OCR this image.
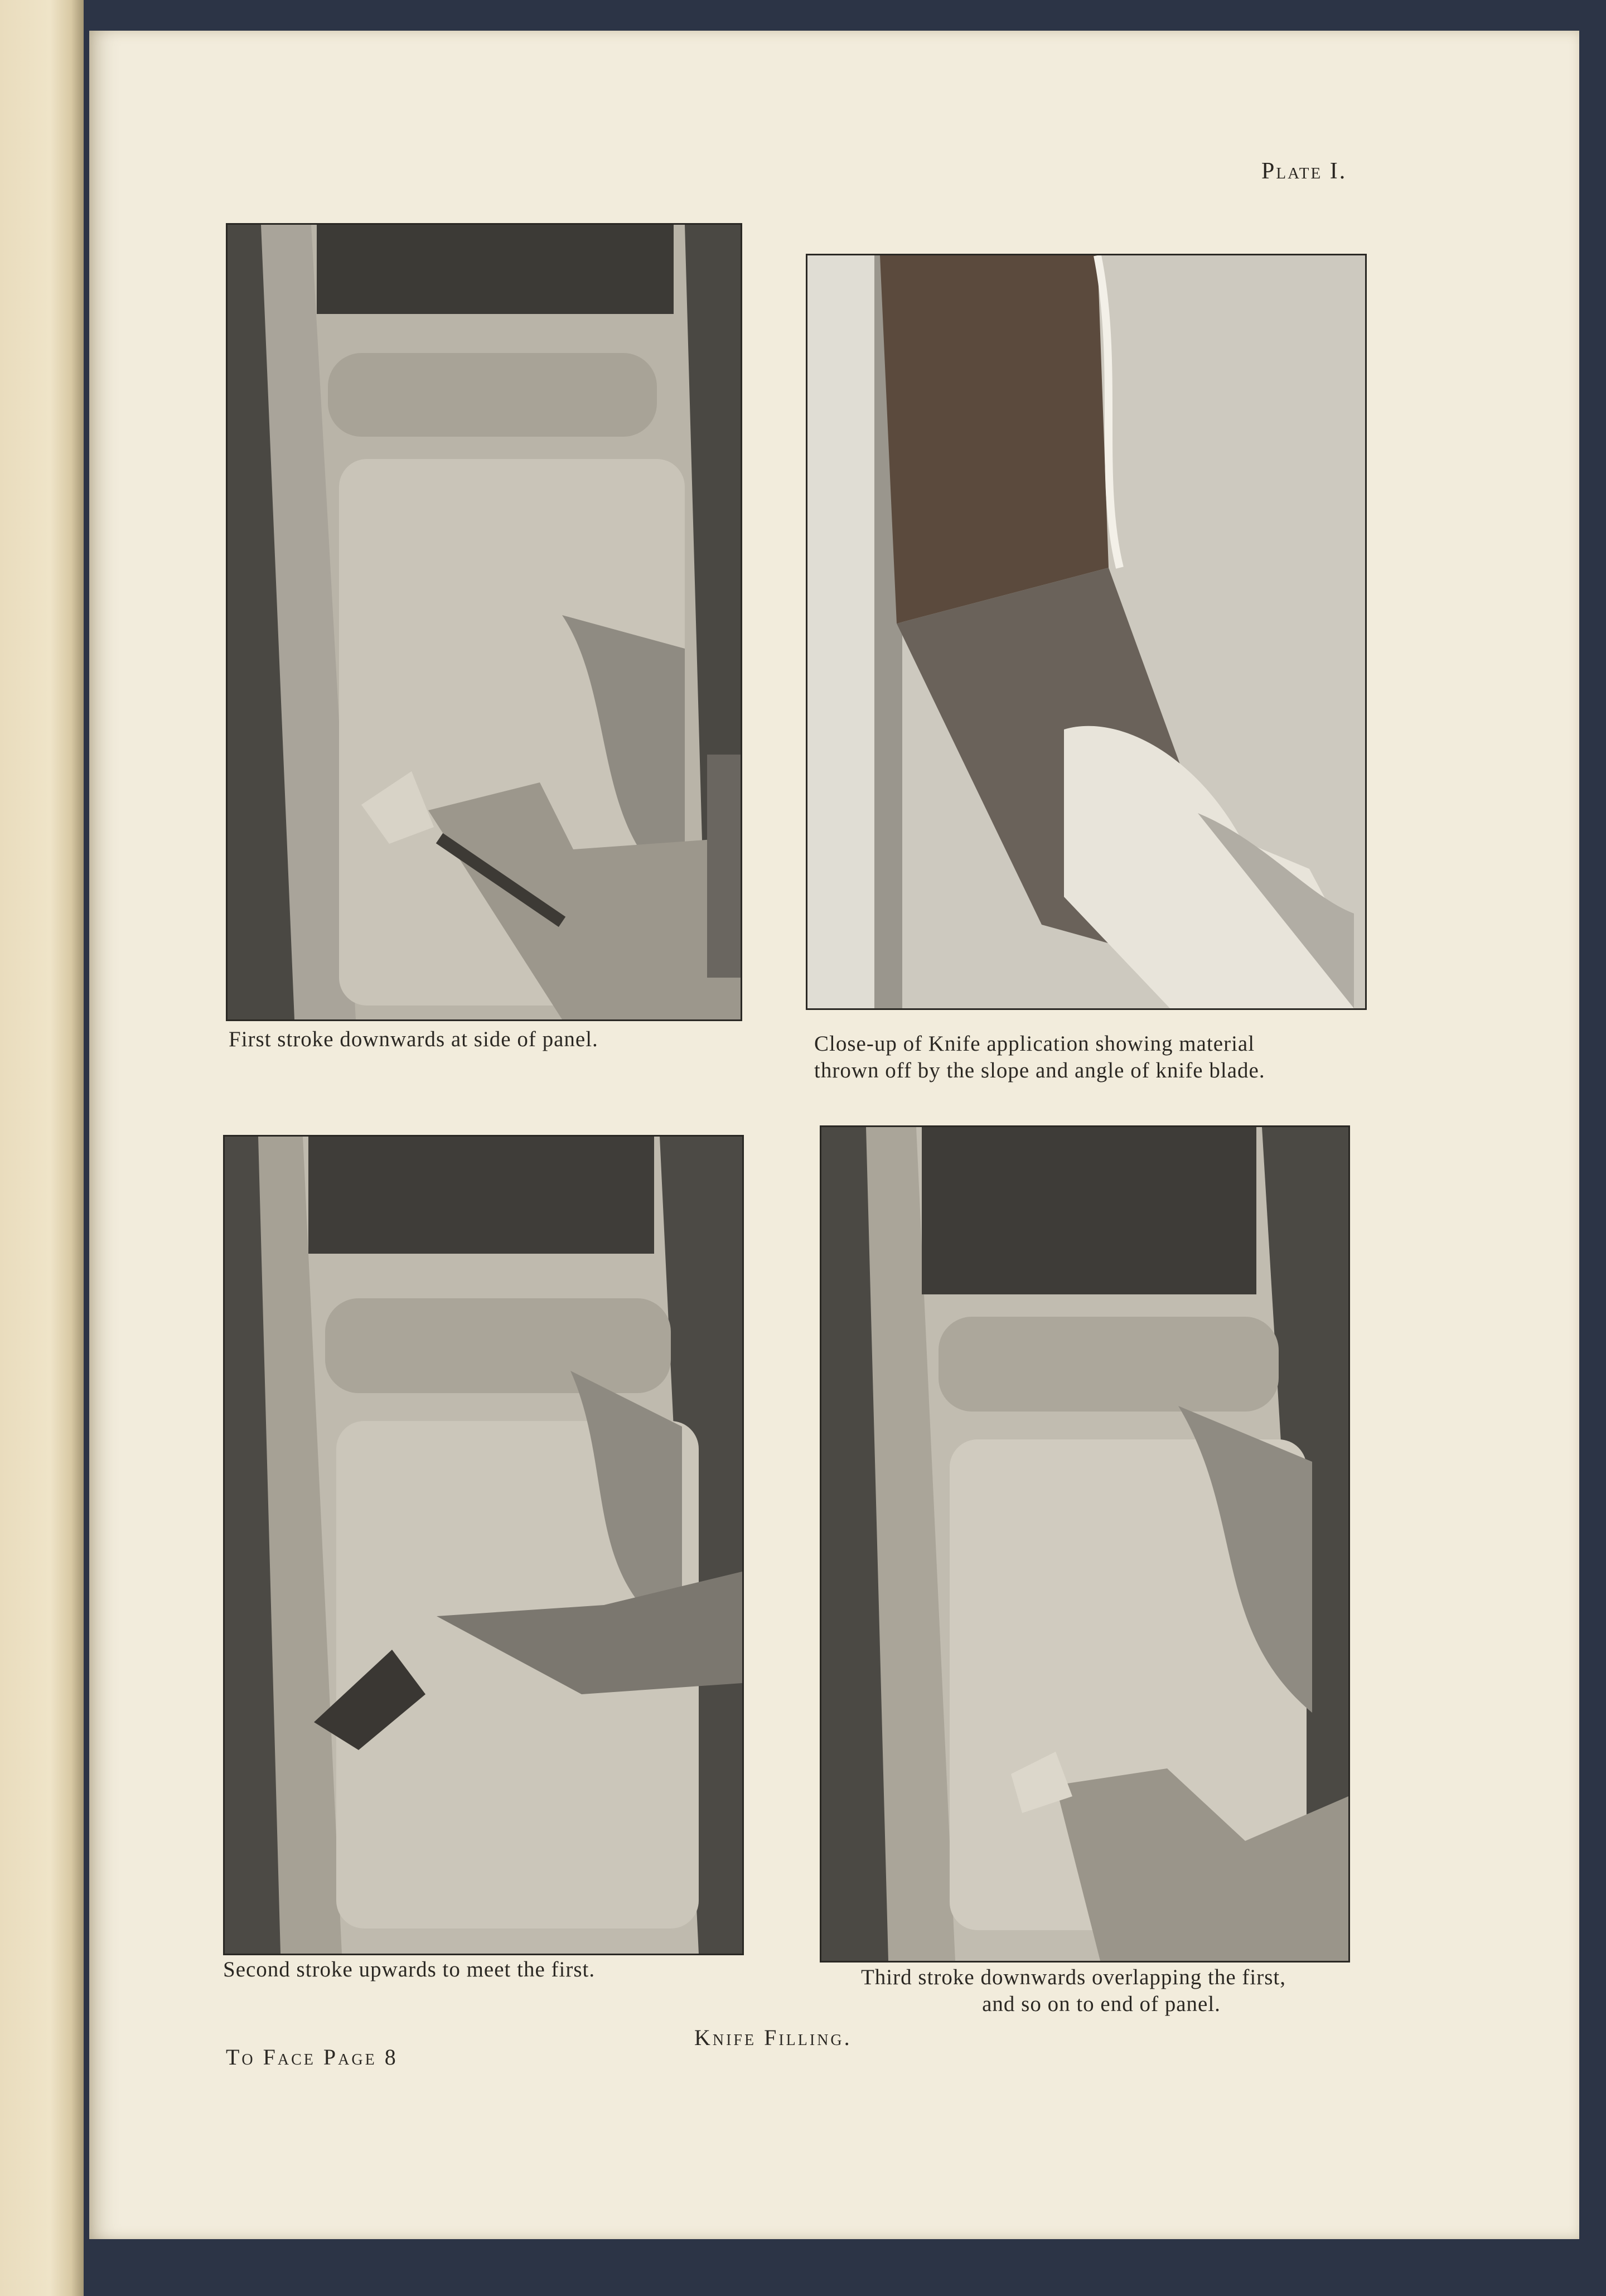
Plate I.
First stroke downwards at side of panel.	Close-up of Knife application showing material
thrown off by the slope and angle of knife blade.
Second stroke upwards to meet the first.	Third stroke downwards overlapping the first,
and so on to end of panel.
Knife Filling.
To Face Page 8
